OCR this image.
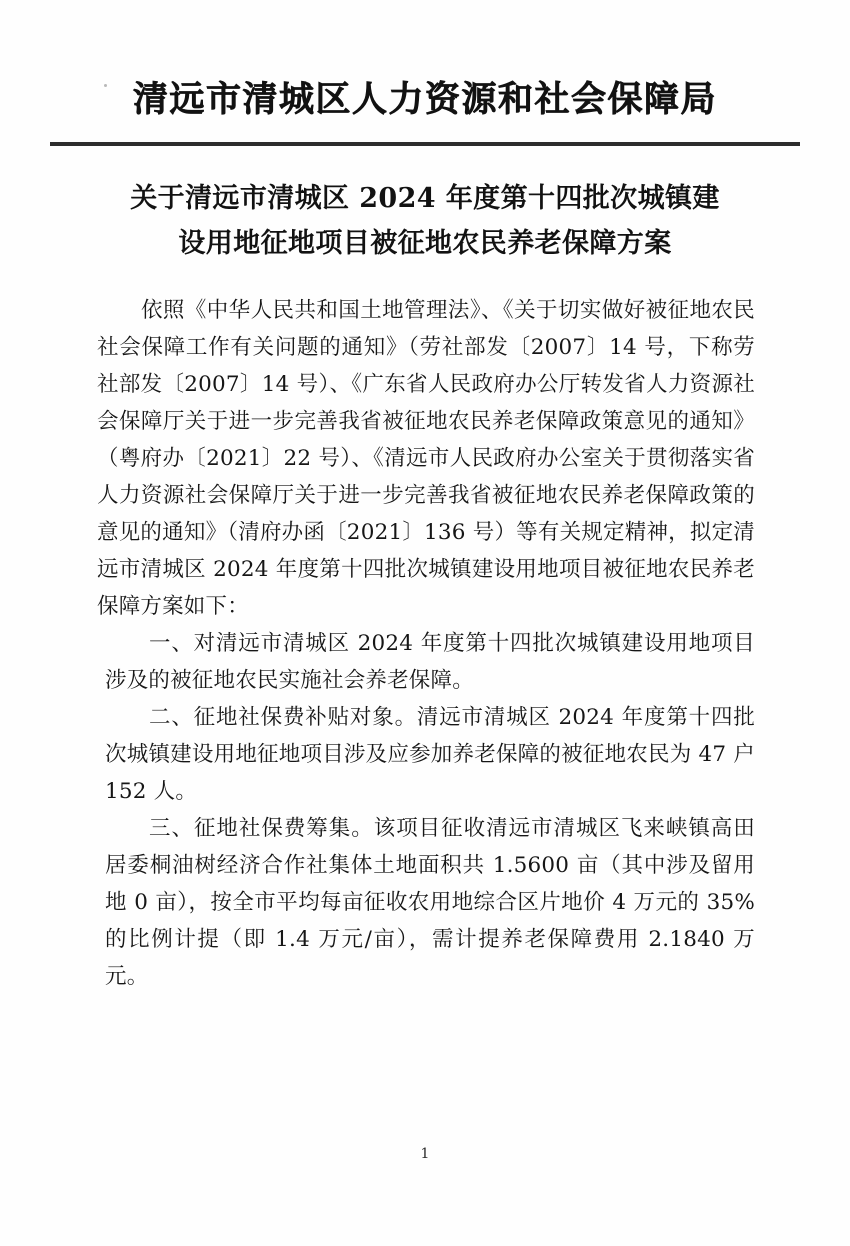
清远市清城区人力资源和社会保障局
关于清远市清城区 2024 年度第十四批次城镇建
设用地征地项目被征地农民养老保障方案

依照《中华人民共和国土地管理法》、《关于切实做好被征地农民社会保障工作有关问题的通知》（劳社部发〔2007〕14 号，下称劳社部发〔2007〕14 号）、《广东省人民政府办公厅转发省人力资源社会保障厅关于进一步完善我省被征地农民养老保障政策意见的通知》（粤府办〔2021〕22 号）、《清远市人民政府办公室关于贯彻落实省人力资源社会保障厅关于进一步完善我省被征地农民养老保障政策的意见的通知》（清府办函〔2021〕136 号）等有关规定精神，拟定清远市清城区 2024 年度第十四批次城镇建设用地项目被征地农民养老保障方案如下：

一、对清远市清城区 2024 年度第十四批次城镇建设用地项目涉及的被征地农民实施社会养老保障。

二、征地社保费补贴对象。清远市清城区 2024 年度第十四批次城镇建设用地征地项目涉及应参加养老保障的被征地农民为 47 户 152 人。

三、征地社保费筹集。该项目征收清远市清城区飞来峡镇高田居委桐油树经济合作社集体土地面积共 1.5600 亩（其中涉及留用地 0 亩），按全市平均每亩征收农用地综合区片地价 4 万元的 35%的比例计提（即 1.4 万元/亩），需计提养老保障费用 2.1840 万元。

1
